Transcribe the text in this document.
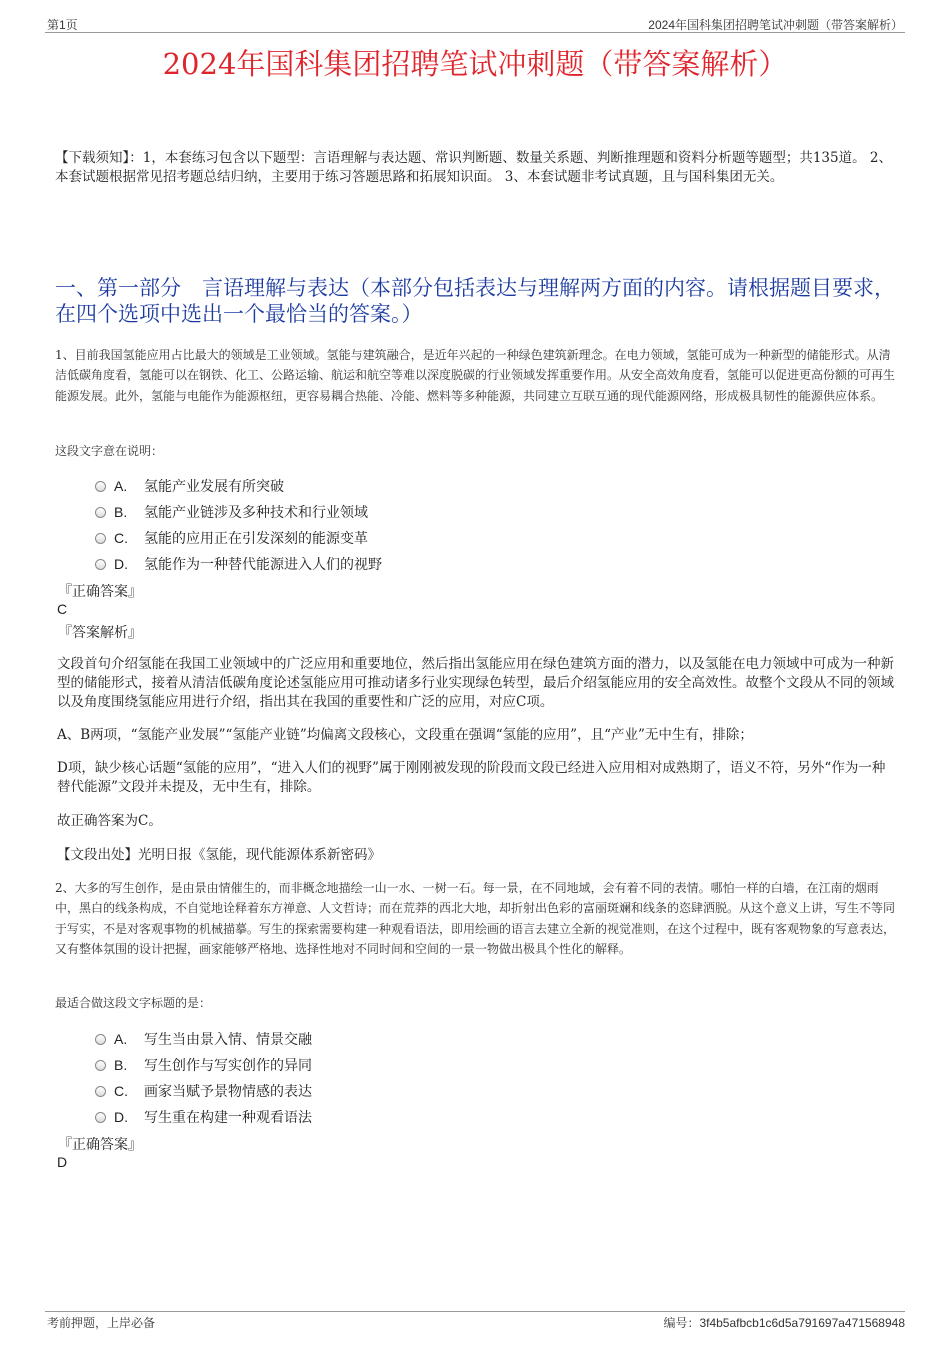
第1页	2024年国科集团招聘笔试冲刺题（带答案解析）
2024年国科集团招聘笔试冲刺题（带答案解析）
【下载须知】：1，本套练习包含以下题型：言语理解与表达题、常识判断题、数量关系题、判断推理题和资料分析题等题型；共135道。 2、本套试题根据常见招考题总结归纳，主要用于练习答题思路和拓展知识面。 3、本套试题非考试真题，且与国科集团无关。
一、第一部分　言语理解与表达（本部分包括表达与理解两方面的内容。请根据题目要求，在四个选项中选出一个最恰当的答案。）
1、目前我国氢能应用占比最大的领域是工业领域。氢能与建筑融合，是近年兴起的一种绿色建筑新理念。在电力领域，氢能可成为一种新型的储能形式。从清洁低碳角度看，氢能可以在钢铁、化工、公路运输、航运和航空等难以深度脱碳的行业领域发挥重要作用。从安全高效角度看，氢能可以促进更高份额的可再生能源发展。此外，氢能与电能作为能源枢纽，更容易耦合热能、冷能、燃料等多种能源，共同建立互联互通的现代能源网络，形成极具韧性的能源供应体系。
这段文字意在说明：
A.	氢能产业发展有所突破
B.	氢能产业链涉及多种技术和行业领域
C.	氢能的应用正在引发深刻的能源变革
D.	氢能作为一种替代能源进入人们的视野
『正确答案』
C
『答案解析』
文段首句介绍氢能在我国工业领域中的广泛应用和重要地位，然后指出氢能应用在绿色建筑方面的潜力，以及氢能在电力领域中可成为一种新型的储能形式，接着从清洁低碳角度论述氢能应用可推动诸多行业实现绿色转型，最后介绍氢能应用的安全高效性。故整个文段从不同的领域以及角度围绕氢能应用进行介绍，指出其在我国的重要性和广泛的应用，对应C项。
A、B两项，“氢能产业发展”“氢能产业链”均偏离文段核心，文段重在强调“氢能的应用”，且“产业”无中生有，排除；
D项，缺少核心话题“氢能的应用”，“进入人们的视野”属于刚刚被发现的阶段而文段已经进入应用相对成熟期了，语义不符，另外“作为一种替代能源”文段并未提及，无中生有，排除。
故正确答案为C。
【文段出处】光明日报《氢能，现代能源体系新密码》
2、大多的写生创作，是由景由情催生的，而非概念地描绘一山一水、一树一石。每一景，在不同地域，会有着不同的表情。哪怕一样的白墙，在江南的烟雨中，黑白的线条构成，不自觉地诠释着东方禅意、人文哲诗；而在荒莽的西北大地，却折射出色彩的富丽斑斓和线条的恣肆洒脱。从这个意义上讲，写生不等同于写实，不是对客观事物的机械描摹。写生的探索需要构建一种观看语法，即用绘画的语言去建立全新的视觉准则，在这个过程中，既有客观物象的写意表达，又有整体氛围的设计把握，画家能够严格地、选择性地对不同时间和空间的一景一物做出极具个性化的解释。
最适合做这段文字标题的是：
A.	写生当由景入情、情景交融
B.	写生创作与写实创作的异同
C.	画家当赋予景物情感的表达
D.	写生重在构建一种观看语法
『正确答案』
D
考前押题，上岸必备	编号：3f4b5afbcb1c6d5a791697a471568948
